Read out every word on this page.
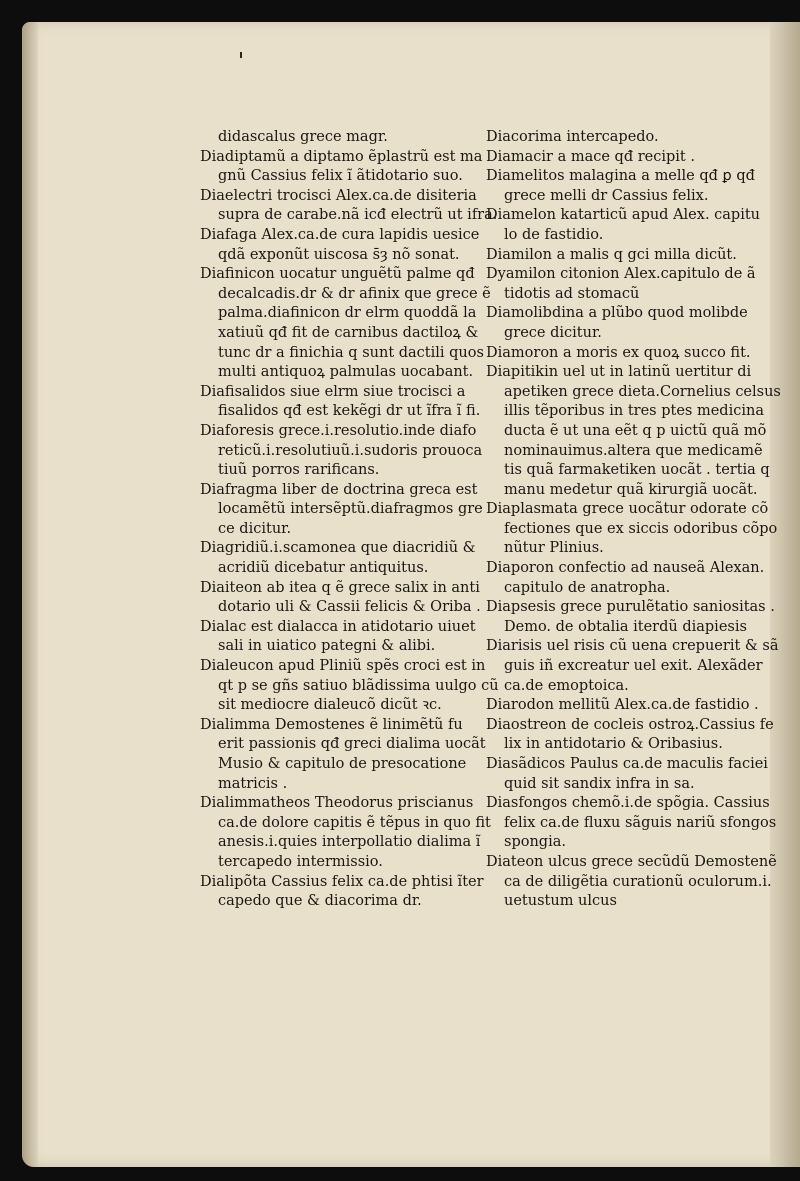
didascalus grece magr.
Diadiptamũ a diptamo ẽplastrũ est ma
gnũ Cassius felix ĩ ãtidotario suo.
Diaelectri trocisci Alex.ca.de disiteria
supra de carabe.nã icđ electrũ ut ifra.
Diafaga Alex.ca.de cura lapidis uesice
qdã exponũt uiscosa s̄ȝ nõ sonat.
Diafinicon uocatur unguẽtũ palme qđ
decalcadis.dr & dr afinix que grece ẽ
palma.diafinicon dr elrm quoddã la
xatiuũ qđ fit de carnibus dactiloꝝ &
tunc dr a finichia q sunt dactili quos
multi antiquoꝝ palmulas uocabant.
Diafisalidos siue elrm siue trocisci a
fisalidos qđ est kekẽgi dr ut ĩfra ĩ fi.
Diaforesis grece.i.resolutio.inde diafo
reticũ.i.resolutiuũ.i.sudoris prouoca
tiuũ porros rarificans.
Diafragma liber de doctrina greca est
locamẽtũ intersẽptũ.diafragmos gre
ce dicitur.
Diagridiũ.i.scamonea que diacridiũ &
acridiũ dicebatur antiquitus.
Diaiteon ab itea q ẽ grece salix in anti
dotario uli & Cassii felicis & Oriba .
Dialac est dialacca in atidotario uiuet
sali in uiatico pategni & alibi.
Dialeucon apud Pliniũ spẽs croci est in
qt p se gñs satiuo blãdissima uulgo cũ
sit mediocre dialeucõ dicũt ꝛc.
Dialimma Demostenes ẽ linimẽtũ fu
erit passionis qđ greci dialima uocãt
Musio & capitulo de presocatione
matricis .
Dialimmatheos Theodorus priscianus
ca.de dolore capitis ẽ tẽpus in quo fit
anesis.i.quies interpollatio dialima ĩ
tercapedo intermissio.
Dialipõta Cassius felix ca.de phtisi ĩter
capedo que & diacorima dr.
Diacorima intercapedo.
Diamacir a mace qđ recipit .
Diamelitos malagina a melle qđ ꝑ qđ
grece melli dr Cassius felix.
Diamelon katarticũ apud Alex. capitu
lo de fastidio.
Diamilon a malis q gci milla dicũt.
Dyamilon citonion Alex.capitulo de ã
tidotis ad stomacũ
Diamolibdina a plũbo quod molibde
grece dicitur.
Diamoron a moris ex quoꝝ succo fit.
Diapitikin uel ut in latinũ uertitur di
apetiken grece dieta.Cornelius celsus
illis tẽporibus in tres ptes medicina
ducta ẽ ut una eẽt q p uictũ quã mõ
nominauimus.altera que medicamẽ
tis quã farmaketiken uocãt . tertia q
manu medetur quã kirurgiã uocãt.
Diaplasmata grece uocãtur odorate cõ
fectiones que ex siccis odoribus cõpo
nũtur Plinius.
Diaporon confectio ad nauseã Alexan.
capitulo de anatropha.
Diapsesis grece purulẽtatio saniositas .
Demo. de obtalia iterdũ diapiesis
Diarisis uel risis cũ uena crepuerit & sã
guis iñ excreatur uel exit. Alexãder
ca.de emoptoica.
Diarodon mellitũ Alex.ca.de fastidio .
Diaostreon de cocleis ostroꝝ.Cassius fe
lix in antidotario & Oribasius.
Diasãdicos Paulus ca.de maculis faciei
quid sit sandix infra in sa.
Diasfongos chemõ.i.de spõgia. Cassius
felix ca.de fluxu sãguis nariũ sfongos
spongia.
Diateon ulcus grece secũdũ Demostenẽ
ca de diligẽtia curationũ oculorum.i.
uetustum ulcus
